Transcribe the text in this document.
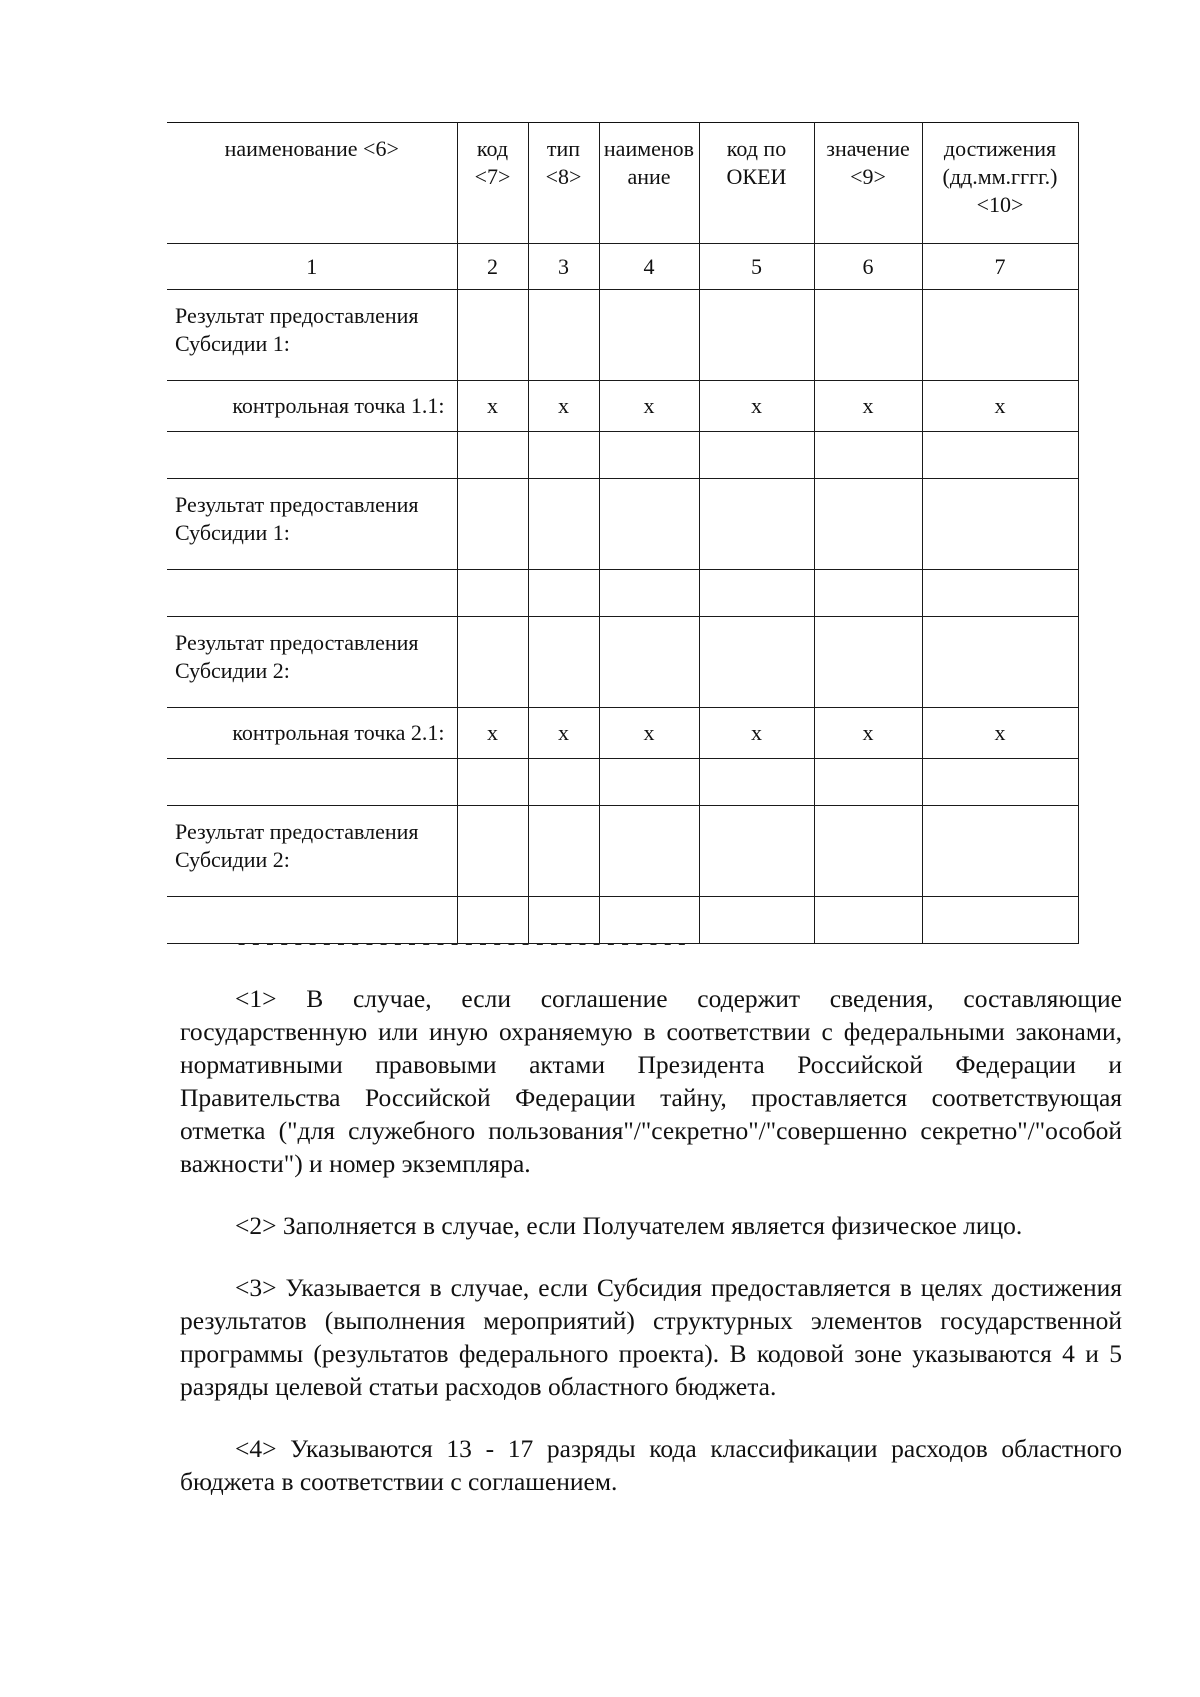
наименование <6>	код <7>	тип <8>	наименование	код по ОКЕИ	значение <9>	достижения (дд.мм.гггг.) <10>
1	2	3	4	5	6	7
Результат предоставления Субсидии 1:						
контрольная точка 1.1:	x	x	x	x	x	x

Результат предоставления Субсидии 1:						

Результат предоставления Субсидии 2:						
контрольная точка 2.1:	x	x	x	x	x	x

Результат предоставления Субсидии 2:						

--------------------------------

<1> В случае, если соглашение содержит сведения, составляющие государственную или иную охраняемую в соответствии с федеральными законами, нормативными правовыми актами Президента Российской Федерации и Правительства Российской Федерации тайну, проставляется соответствующая отметка ("для служебного пользования"/"секретно"/"совершенно секретно"/"особой важности") и номер экземпляра.

<2> Заполняется в случае, если Получателем является физическое лицо.

<3> Указывается в случае, если Субсидия предоставляется в целях достижения результатов (выполнения мероприятий) структурных элементов государственной программы (результатов федерального проекта). В кодовой зоне указываются 4 и 5 разряды целевой статьи расходов областного бюджета.

<4> Указываются 13 - 17 разряды кода классификации расходов областного бюджета в соответствии с соглашением.
